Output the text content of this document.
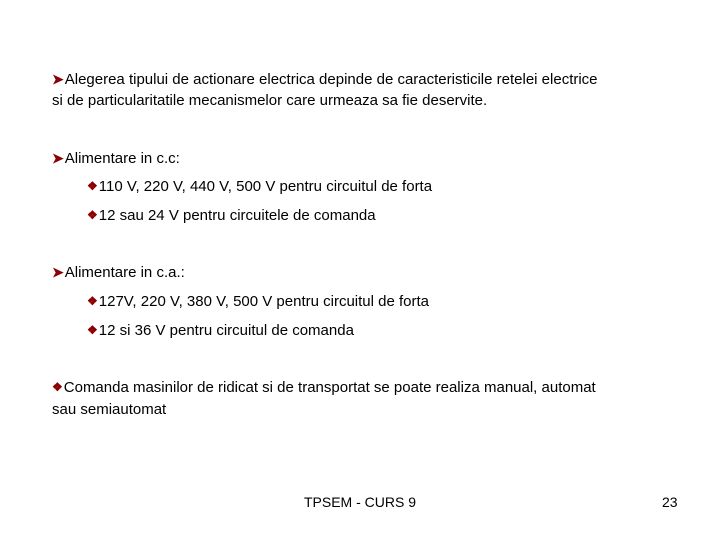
➤Alegerea tipului de actionare electrica depinde de caracteristicile retelei electrice
si de particularitatile mecanismelor care urmeaza sa fie deservite.
➤Alimentare in c.c:
❖110 V, 220 V, 440 V, 500 V pentru circuitul de forta
❖12 sau 24 V pentru circuitele de comanda
➤Alimentare in c.a.:
❖127V, 220 V, 380 V, 500 V pentru circuitul de forta
❖12 si 36 V pentru circuitul de comanda
❖Comanda masinilor de ridicat si de transportat se poate realiza manual, automat
sau semiautomat
TPSEM - CURS 9	23
